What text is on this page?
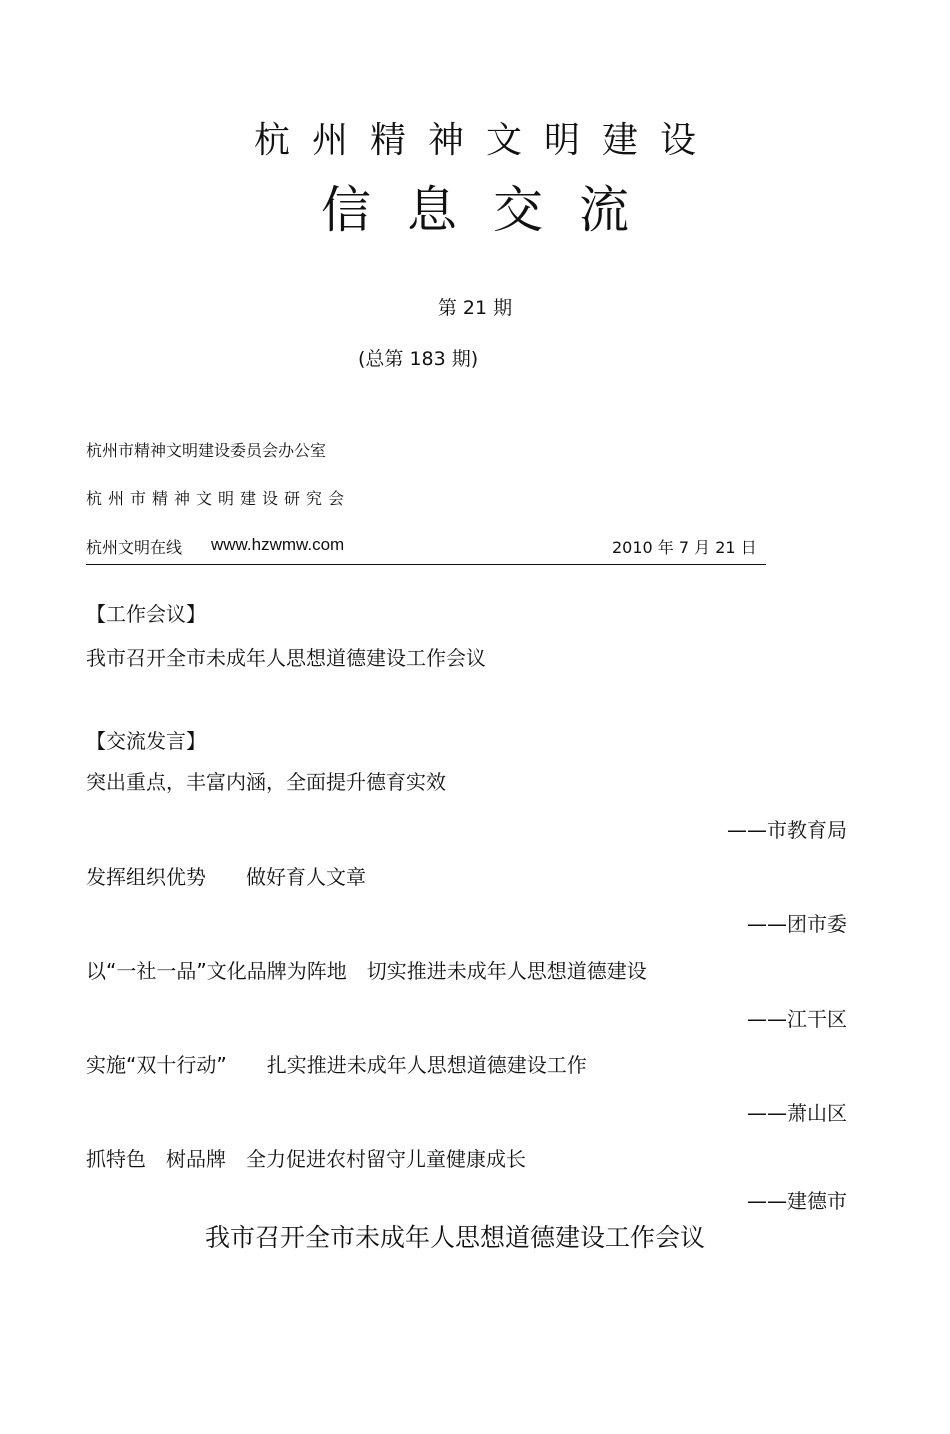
杭州精神文明建设
信息交流
第 21 期
(总第 183 期)
杭州市精神文明建设委员会办公室
杭州市精神文明建设研究会
杭州文明在线 www.hzwmw.com	2010 年 7 月 21 日
【工作会议】
我市召开全市未成年人思想道德建设工作会议
【交流发言】
突出重点，丰富内涵，全面提升德育实效
——市教育局
发挥组织优势　　做好育人文章
——团市委
以“一社一品”文化品牌为阵地　切实推进未成年人思想道德建设
——江干区
实施“双十行动”　　扎实推进未成年人思想道德建设工作
——萧山区
抓特色　树品牌　全力促进农村留守儿童健康成长
——建德市
我市召开全市未成年人思想道德建设工作会议
